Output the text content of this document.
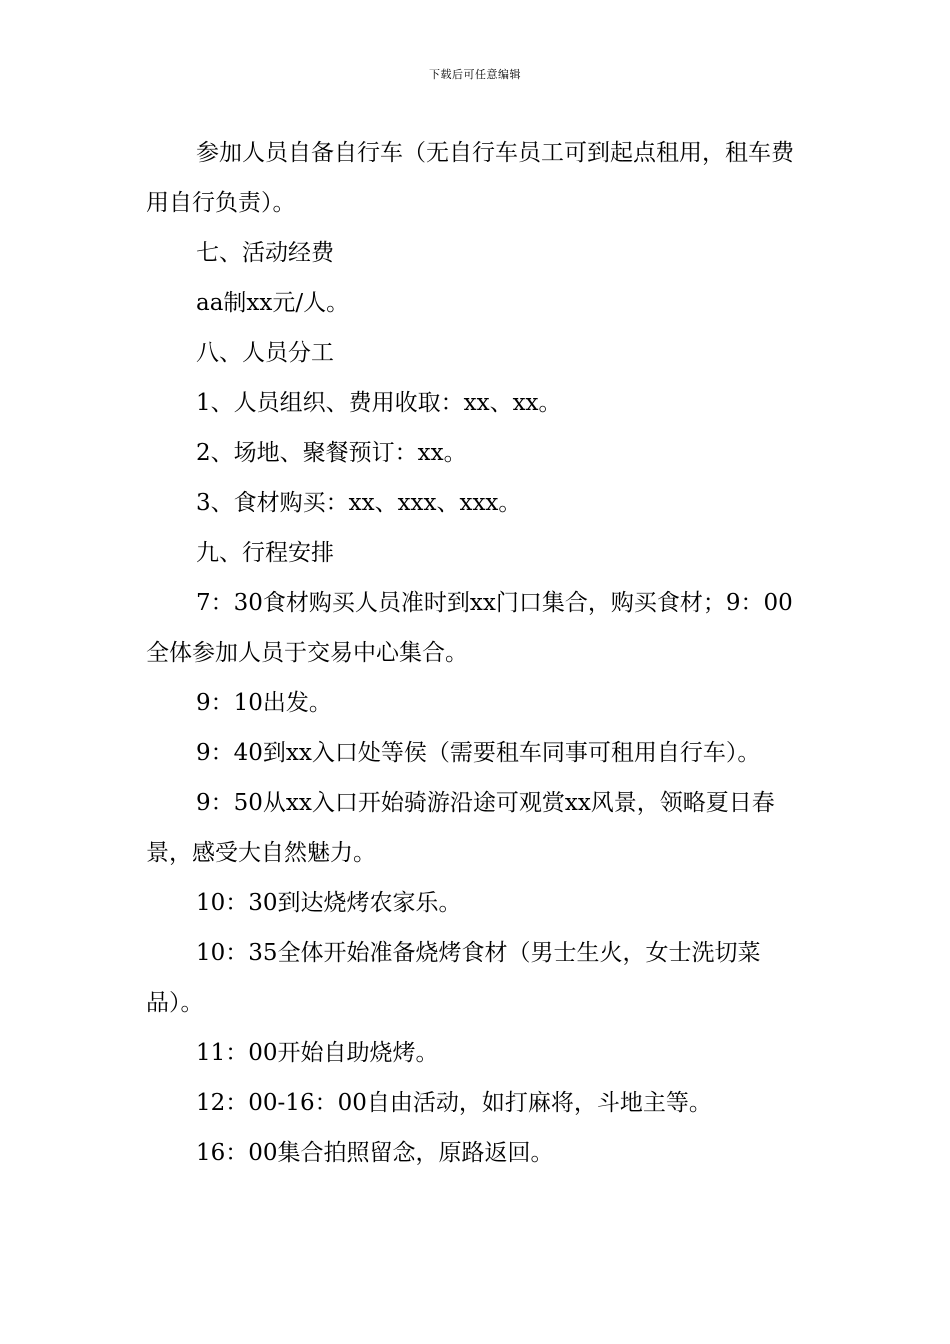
下载后可任意编辑

参加人员自备自行车（无自行车员工可到起点租用，租车费用自行负责）。

七、活动经费

aa制xx元/人。

八、人员分工

1、人员组织、费用收取：xx、xx。

2、场地、聚餐预订：xx。

3、食材购买：xx、xxx、xxx。

九、行程安排

7：30食材购买人员准时到xx门口集合，购买食材；9：00全体参加人员于交易中心集合。

9：10出发。

9：40到xx入口处等侯（需要租车同事可租用自行车）。

9：50从xx入口开始骑游沿途可观赏xx风景，领略夏日春景，感受大自然魅力。

10：30到达烧烤农家乐。

10：35全体开始准备烧烤食材（男士生火，女士洗切菜品）。

11：00开始自助烧烤。

12：00-16：00自由活动，如打麻将，斗地主等。

16：00集合拍照留念，原路返回。
